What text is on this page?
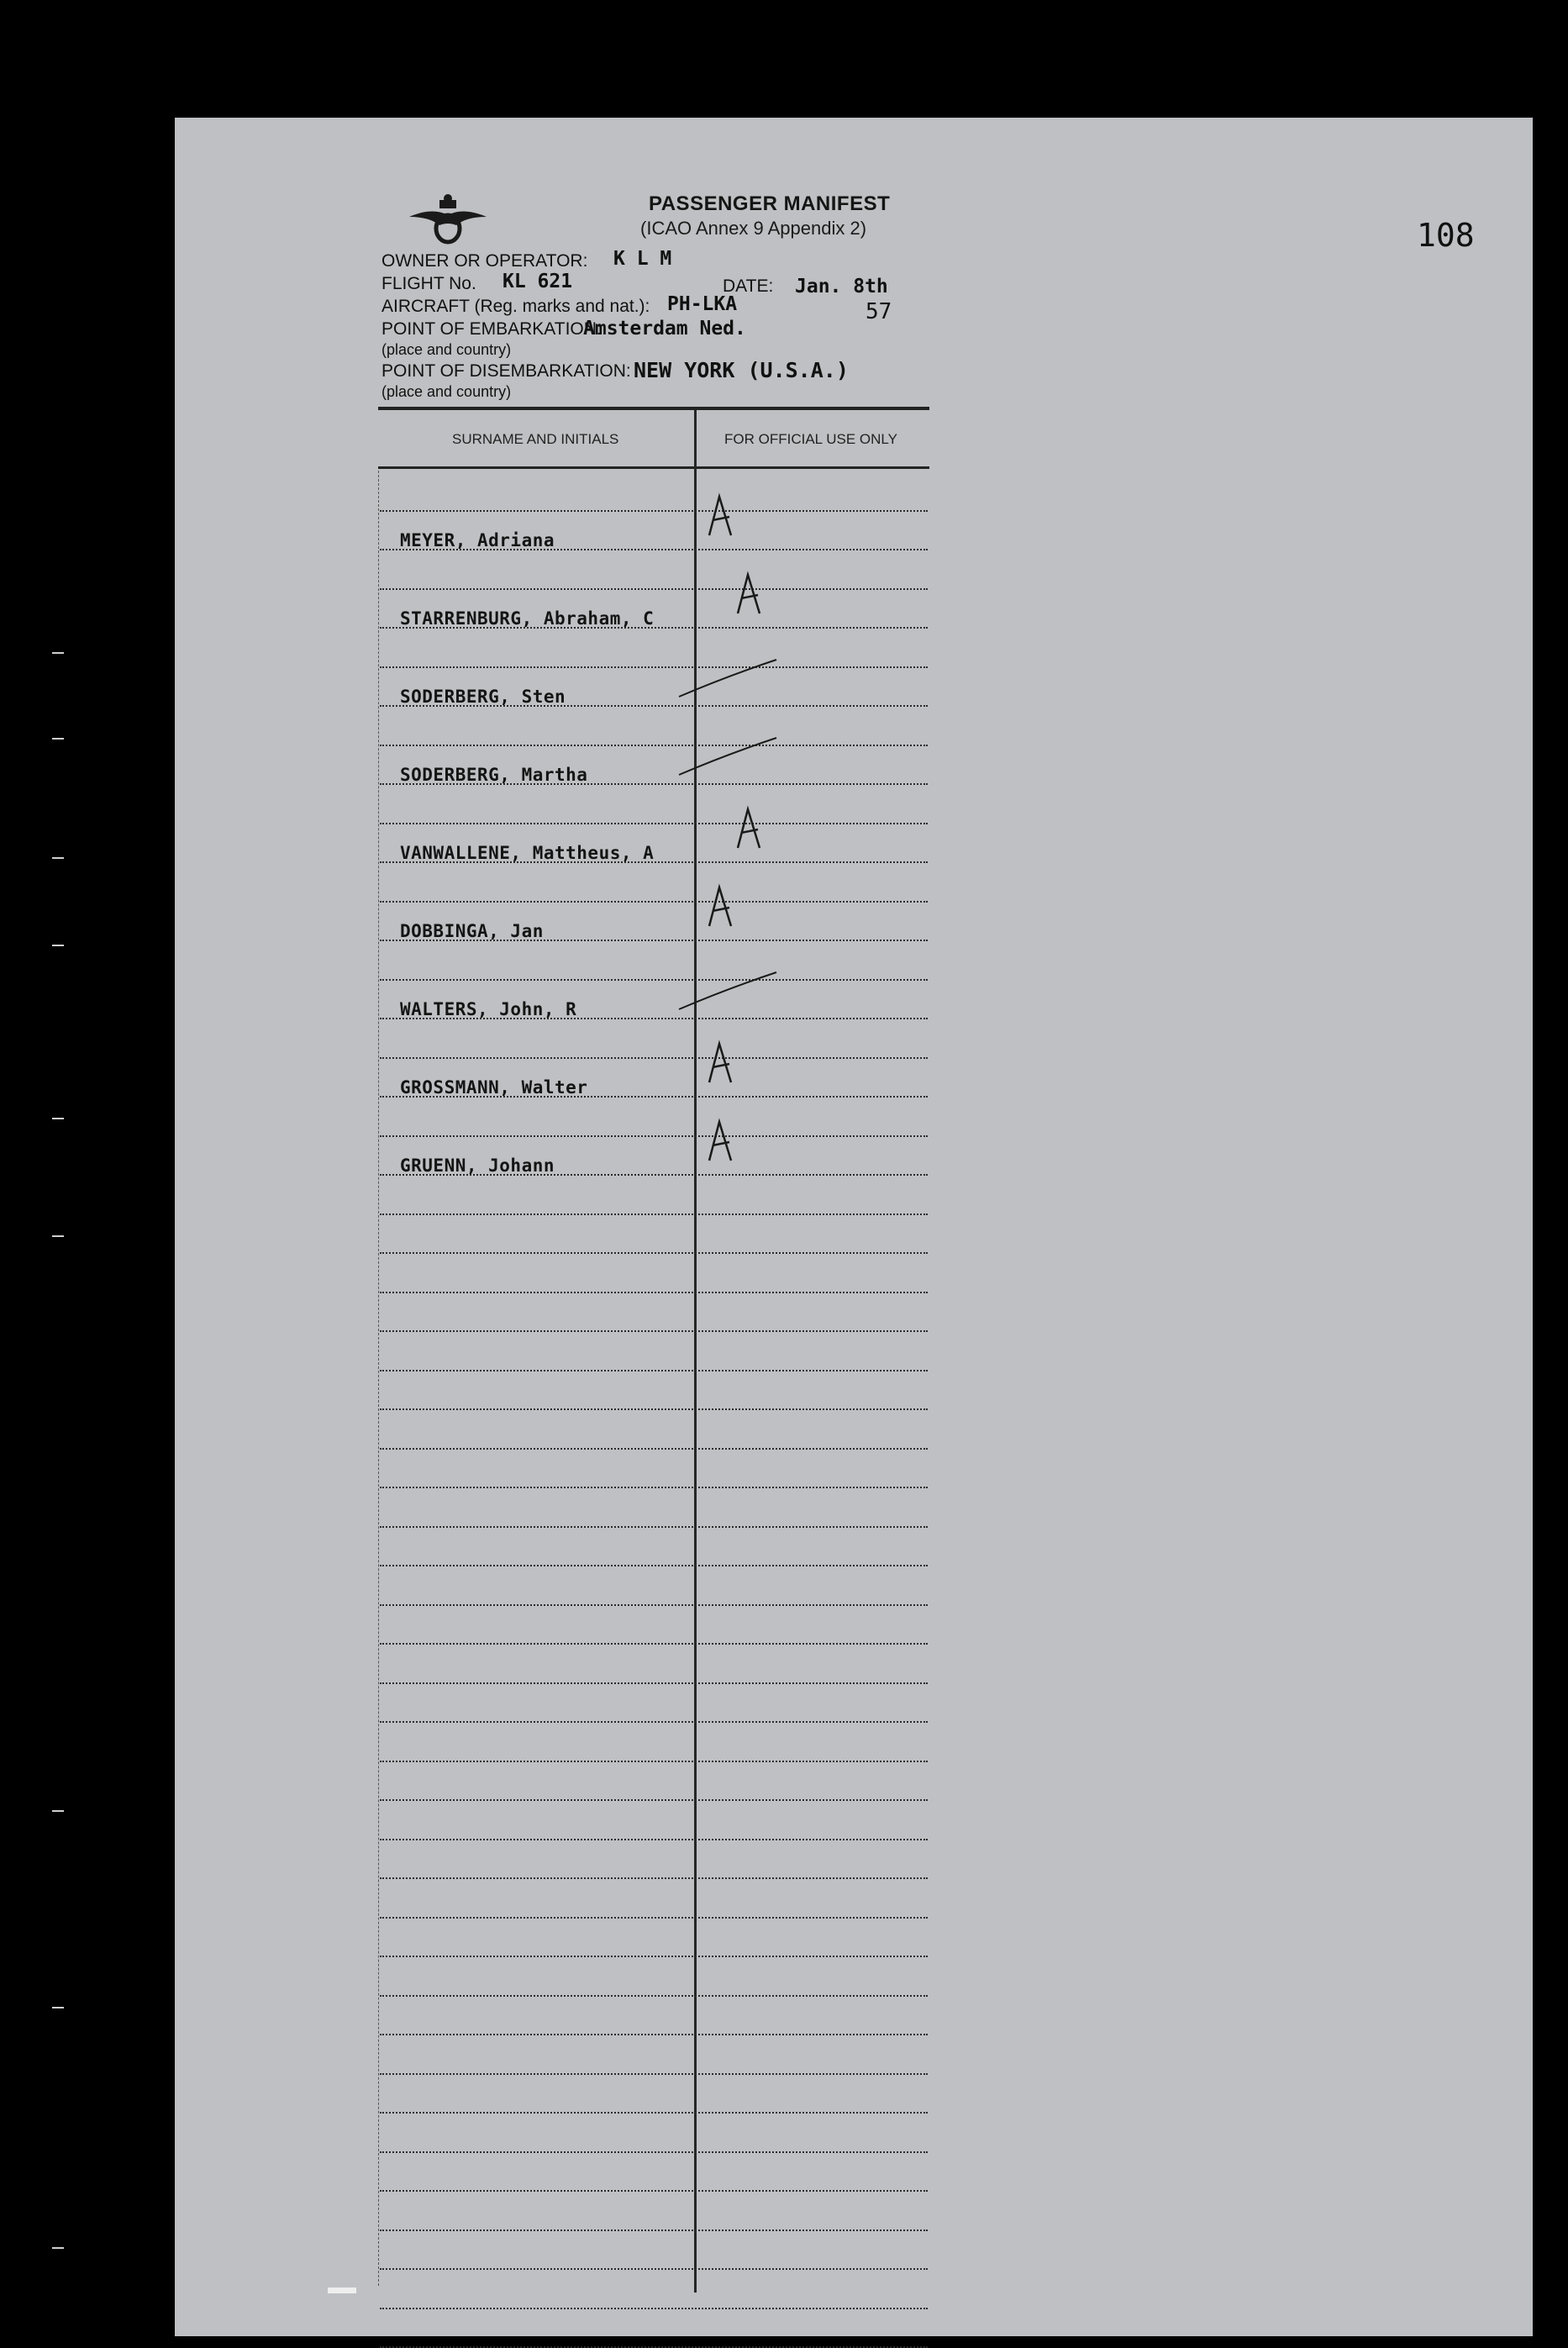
108
PASSENGER MANIFEST
(ICAO Annex 9 Appendix 2)
OWNER OR OPERATOR: K L M
FLIGHT No. KL 621	DATE: Jan. 8th
57
AIRCRAFT (Reg. marks and nat.): PH-LKA
POINT OF EMBARKATION:
Amsterdam Ned.
(place and country)
POINT OF DISEMBARKATION: NEW YORK (U.S.A.)
(place and country)
SURNAME AND INITIALS	FOR OFFICIAL USE ONLY
MEYER, Adriana
STARRENBURG, Abraham, C
SODERBERG, Sten
SODERBERG, Martha
VANWALLENE, Mattheus, A
DOBBINGA, Jan
WALTERS, John, R
GROSSMANN, Walter
GRUENN, Johann
